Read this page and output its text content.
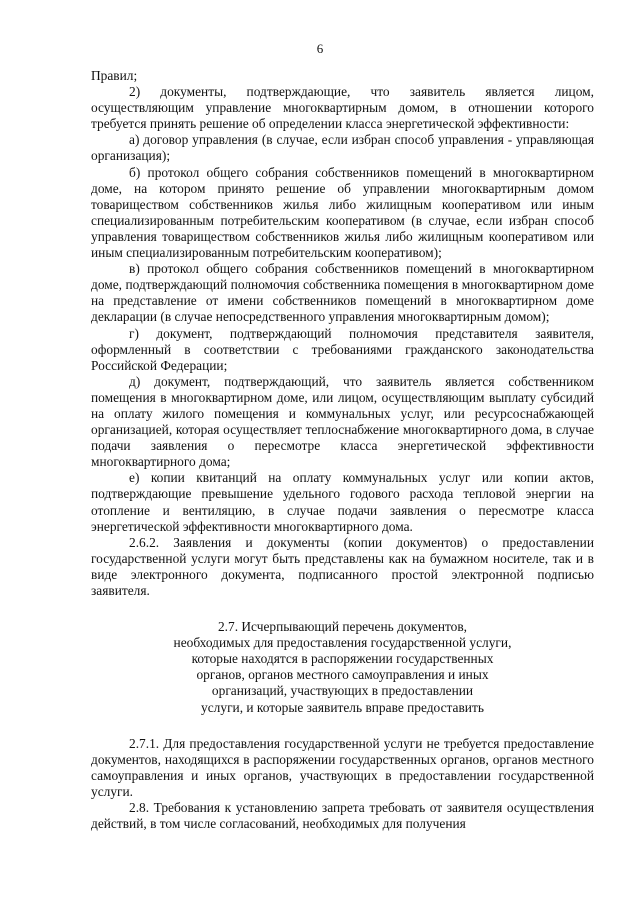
6

Правил;

2) документы, подтверждающие, что заявитель является лицом, осуществляющим управление многоквартирным домом, в отношении которого требуется принять решение об определении класса энергетической эффективности:

а) договор управления (в случае, если избран способ управления - управляющая организация);

б) протокол общего собрания собственников помещений в многоквартирном доме, на котором принято решение об управлении многоквартирным домом товариществом собственников жилья либо жилищным кооперативом или иным специализированным потребительским кооперативом (в случае, если избран способ управления товариществом собственников жилья либо жилищным кооперативом или иным специализированным потребительским кооперативом);

в) протокол общего собрания собственников помещений в многоквартирном доме, подтверждающий полномочия собственника помещения в многоквартирном доме на представление от имени собственников помещений в многоквартирном доме декларации (в случае непосредственного управления многоквартирным домом);

г) документ, подтверждающий полномочия представителя заявителя, оформленный в соответствии с требованиями гражданского законодательства Российской Федерации;

д) документ, подтверждающий, что заявитель является собственником помещения в многоквартирном доме, или лицом, осуществляющим выплату субсидий на оплату жилого помещения и коммунальных услуг, или ресурсоснабжающей организацией, которая осуществляет теплоснабжение многоквартирного дома, в случае подачи заявления о пересмотре класса энергетической эффективности многоквартирного дома;

е) копии квитанций на оплату коммунальных услуг или копии актов, подтверждающие превышение удельного годового расхода тепловой энергии на отопление и вентиляцию, в случае подачи заявления о пересмотре класса энергетической эффективности многоквартирного дома.

2.6.2. Заявления и документы (копии документов) о предоставлении государственной услуги могут быть представлены как на бумажном носителе, так и в виде электронного документа, подписанного простой электронной подписью заявителя.

2.7. Исчерпывающий перечень документов,
необходимых для предоставления государственной услуги,
которые находятся в распоряжении государственных
органов, органов местного самоуправления и иных
организаций, участвующих в предоставлении
услуги, и которые заявитель вправе предоставить

2.7.1. Для предоставления государственной услуги не требуется предоставление документов, находящихся в распоряжении государственных органов, органов местного самоуправления и иных органов, участвующих в предоставлении государственной услуги.

2.8. Требования к установлению запрета требовать от заявителя осуществления действий, в том числе согласований, необходимых для получения
